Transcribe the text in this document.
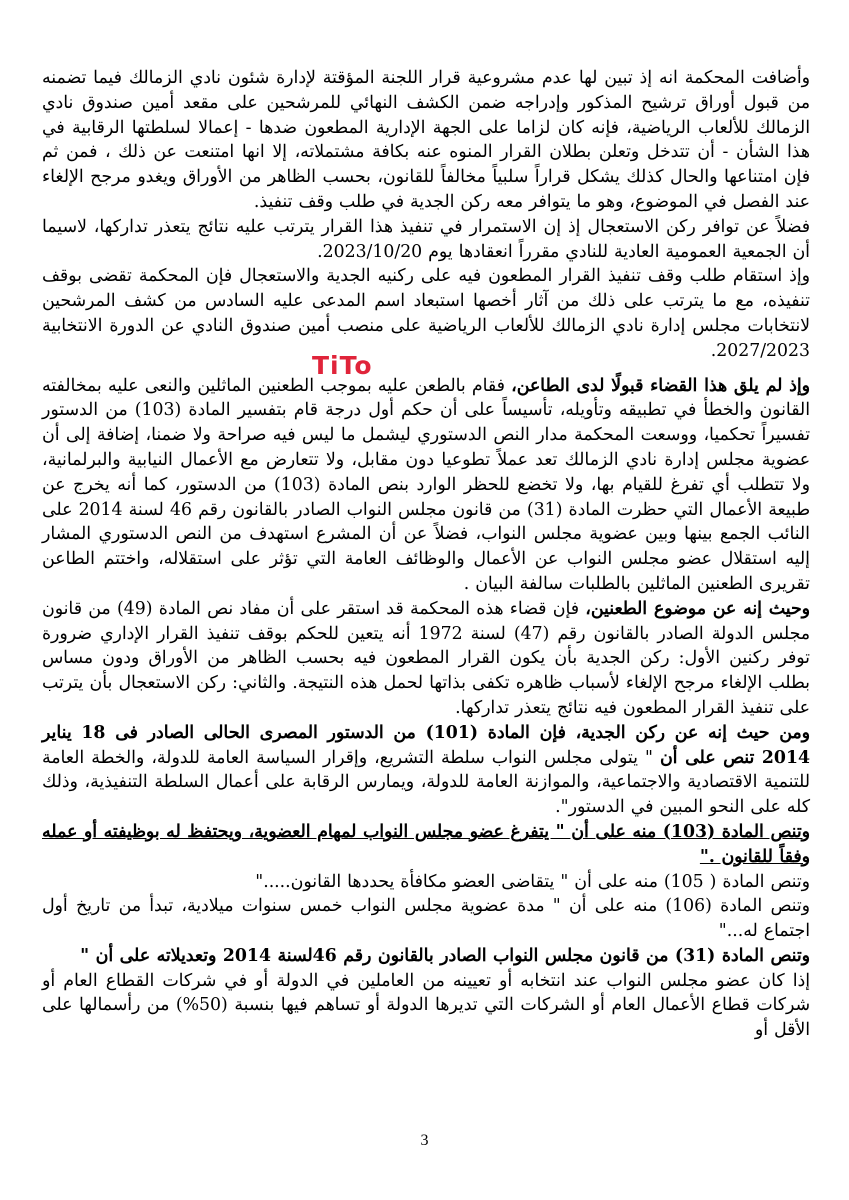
وأضافت المحكمة انه إذ تبين لها عدم مشروعية قرار اللجنة المؤقتة لإدارة شئون نادي الزمالك فيما تضمنه من قبول أوراق ترشيح المذكور وإدراجه ضمن الكشف النهائي للمرشحين على مقعد أمين صندوق نادي الزمالك للألعاب الرياضية، فإنه كان لزاما على الجهة الإدارية المطعون ضدها - إعمالا لسلطتها الرقابية في هذا الشأن - أن تتدخل وتعلن بطلان القرار المنوه عنه بكافة مشتملاته، إلا انها امتنعت عن ذلك ، فمن ثم فإن امتناعها والحال كذلك يشكل قراراً سلبياً مخالفاً للقانون، بحسب الظاهر من الأوراق ويغدو مرجح الإلغاء عند الفصل في الموضوع، وهو ما يتوافر معه ركن الجدية في طلب وقف تنفيذ.

فضلاً عن توافر ركن الاستعجال إذ إن الاستمرار في تنفيذ هذا القرار يترتب عليه نتائج يتعذر تداركها، لاسيما أن الجمعية العمومية العادية للنادي مقرراً انعقادها يوم 2023/10/20.

وإذ استقام طلب وقف تنفيذ القرار المطعون فيه على ركنيه الجدية والاستعجال فإن المحكمة تقضى بوقف تنفيذه، مع ما يترتب على ذلك من آثار أخصها استبعاد اسم المدعى عليه السادس من كشف المرشحين لانتخابات مجلس إدارة نادي الزمالك للألعاب الرياضية على منصب أمين صندوق النادي عن الدورة الانتخابية 2027/2023.

وإذ لم يلق هذا القضاء قبولًا لدى الطاعن، فقام بالطعن عليه بموجب الطعنين الماثلين والنعى عليه بمخالفته القانون والخطأ في تطبيقه وتأويله، تأسيساً على أن حكم أول درجة قام بتفسير المادة (103) من الدستور تفسيراً تحكميا، ووسعت المحكمة مدار النص الدستوري ليشمل ما ليس فيه صراحة ولا ضمنا، إضافة إلى أن عضوية مجلس إدارة نادي الزمالك تعد عملاً تطوعيا دون مقابل، ولا تتعارض مع الأعمال النيابية والبرلمانية، ولا تتطلب أي تفرغ للقيام بها، ولا تخضع للحظر الوارد بنص المادة (103) من الدستور، كما أنه يخرج عن طبيعة الأعمال التي حظرت المادة (31) من قانون مجلس النواب الصادر بالقانون رقم 46 لسنة 2014 على النائب الجمع بينها وبين عضوية مجلس النواب، فضلاً عن أن المشرع استهدف من النص الدستوري المشار إليه استقلال عضو مجلس النواب عن الأعمال والوظائف العامة التي تؤثر على استقلاله، واختتم الطاعن تقريرى الطعنين الماثلين بالطلبات سالفة البيان .

وحيث إنه عن موضوع الطعنين، فإن قضاء هذه المحكمة قد استقر على أن مفاد نص المادة (49) من قانون مجلس الدولة الصادر بالقانون رقم (47) لسنة 1972 أنه يتعين للحكم بوقف تنفيذ القرار الإداري ضرورة توفر ركنين الأول: ركن الجدية بأن يكون القرار المطعون فيه بحسب الظاهر من الأوراق ودون مساس بطلب الإلغاء مرجح الإلغاء لأسباب ظاهره تكفى بذاتها لحمل هذه النتيجة. والثاني: ركن الاستعجال بأن يترتب على تنفيذ القرار المطعون فيه نتائج يتعذر تداركها.

ومن حيث إنه عن ركن الجدية، فإن المادة (101) من الدستور المصرى الحالى الصادر فى 18 يناير 2014 تنص على أن " يتولى مجلس النواب سلطة التشريع، وإقرار السياسة العامة للدولة، والخطة العامة للتنمية الاقتصادية والاجتماعية، والموازنة العامة للدولة، ويمارس الرقابة على أعمال السلطة التنفيذية، وذلك كله على النحو المبين في الدستور".

وتنص المادة (103) منه على أن " يتفرغ عضو مجلس النواب لمهام العضوية، ويحتفظ له بوظيفته أو عمله وفقاً للقانون ."

وتنص المادة ( 105) منه على أن " يتقاضى العضو مكافأة يحددها القانون....."

وتنص المادة (106) منه على أن " مدة عضوية مجلس النواب خمس سنوات ميلادية، تبدأ من تاريخ أول اجتماع له..."

وتنص المادة (31) من قانون مجلس النواب الصادر بالقانون رقم 46لسنة 2014 وتعديلاته على أن "

إذا كان عضو مجلس النواب عند انتخابه أو تعيينه من العاملين في الدولة أو في شركات القطاع العام أو شركات قطاع الأعمال العام أو الشركات التي تديرها الدولة أو تساهم فيها بنسبة (50%) من رأسمالها على الأقل أو

TiTo
3
